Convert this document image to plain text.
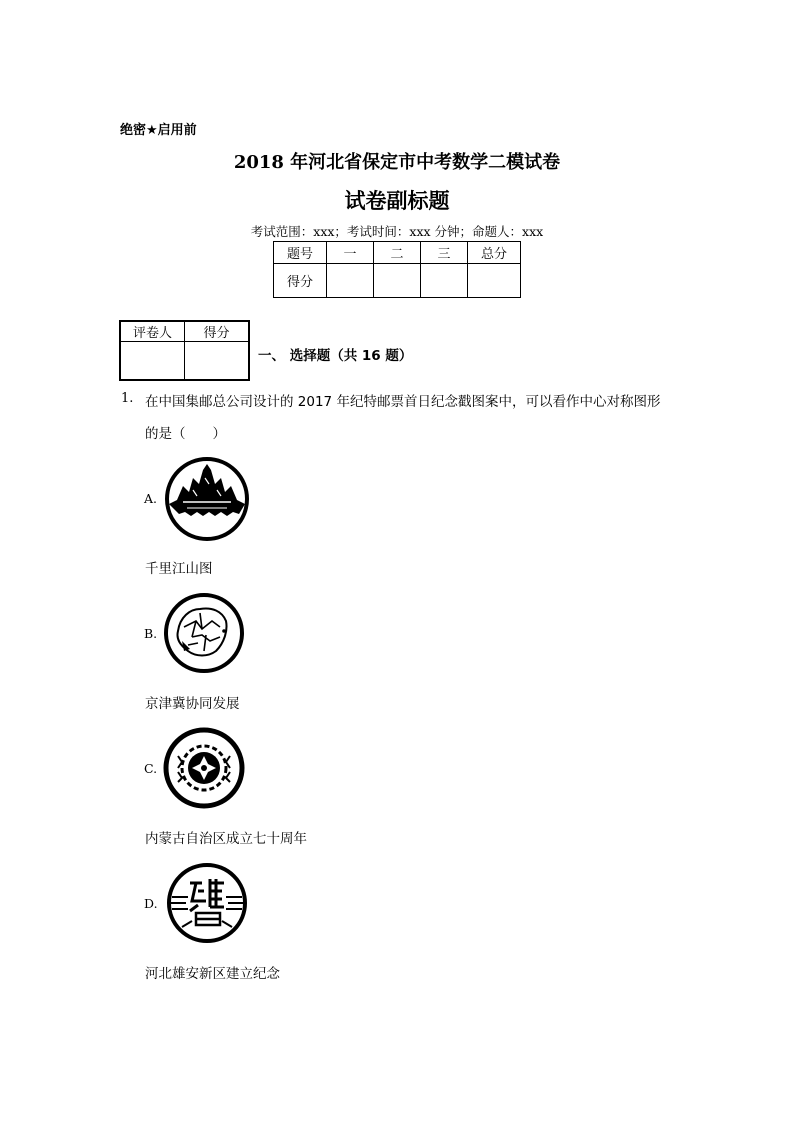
绝密★启用前
2018 年河北省保定市中考数学二模试卷
试卷副标题
考试范围：xxx；考试时间：xxx 分钟；命题人：xxx
题号	一	二	三	总分
得分				
评卷人	得分

一、 选择题（共 16 题）
1. 在中国集邮总公司设计的 2017 年纪特邮票首日纪念戳图案中，可以看作中心对称图形
的是（　　）
A.
千里江山图
B.
京津冀协同发展
C.
内蒙古自治区成立七十周年
D.
河北雄安新区建立纪念
